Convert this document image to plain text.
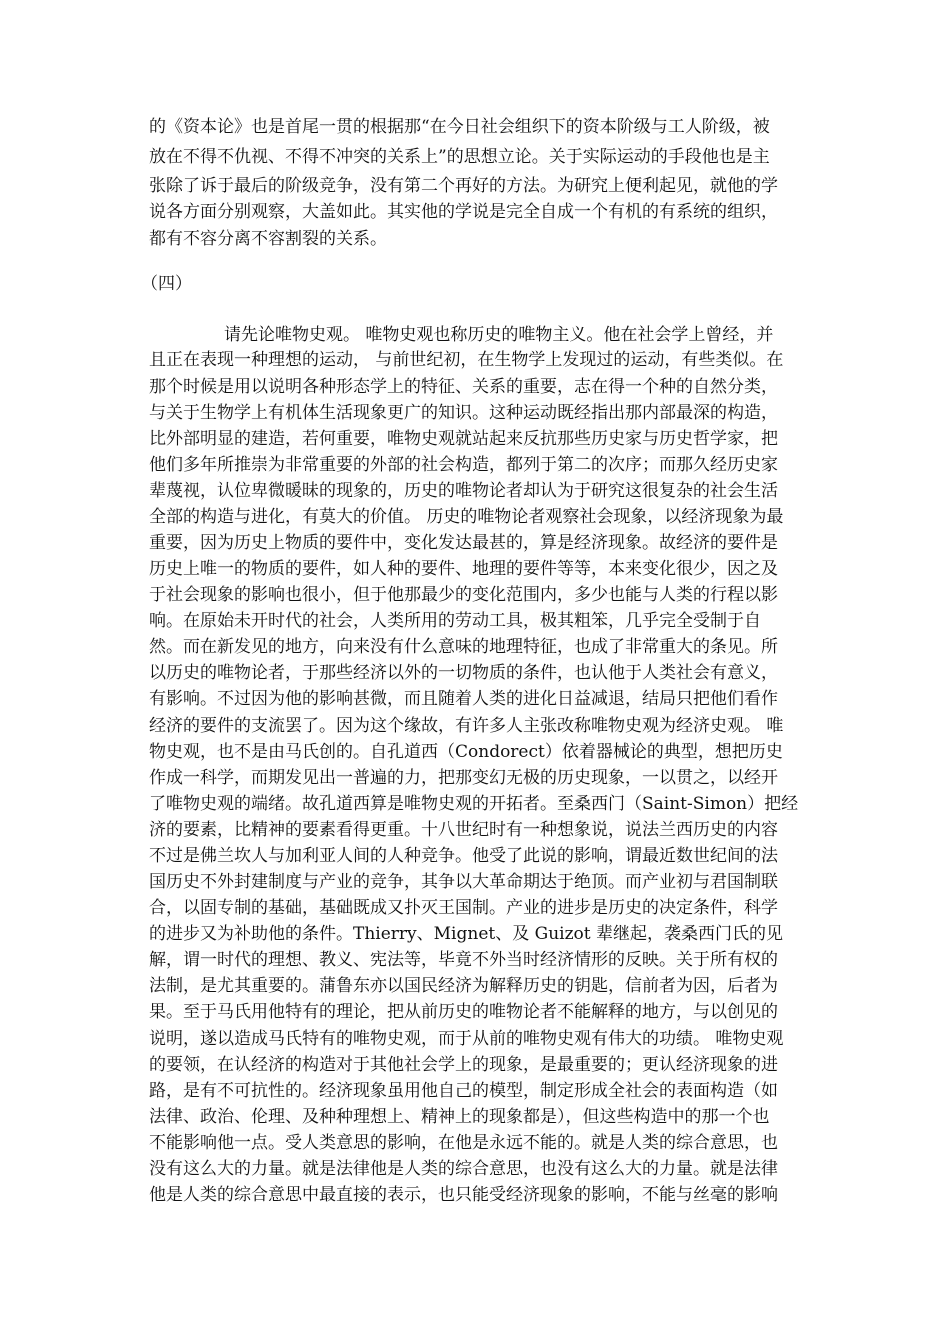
的《资本论》也是首尾一贯的根据那“在今日社会组织下的资本阶级与工人阶级，被
放在不得不仇视、不得不冲突的关系上”的思想立论。关于实际运动的手段他也是主
张除了诉于最后的阶级竞争，没有第二个再好的方法。为研究上便利起见，就他的学
说各方面分别观察，大盖如此。其实他的学说是完全自成一个有机的有系统的组织，
都有不容分离不容割裂的关系。
（四）
请先论唯物史观。 唯物史观也称历史的唯物主义。他在社会学上曾经，并
且正在表现一种理想的运动， 与前世纪初，在生物学上发现过的运动，有些类似。在
那个时候是用以说明各种形态学上的特征、关系的重要，志在得一个种的自然分类，
与关于生物学上有机体生活现象更广的知识。这种运动既经指出那内部最深的构造，
比外部明显的建造，若何重要，唯物史观就站起来反抗那些历史家与历史哲学家，把
他们多年所推崇为非常重要的外部的社会构造，都列于第二的次序；而那久经历史家
辈蔑视，认位卑微暖昧的现象的，历史的唯物论者却认为于研究这很复杂的社会生活
全部的构造与进化，有莫大的价值。 历史的唯物论者观察社会现象，以经济现象为最
重要，因为历史上物质的要件中，变化发达最甚的，算是经济现象。故经济的要件是
历史上唯一的物质的要件，如人种的要件、地理的要件等等，本来变化很少，因之及
于社会现象的影响也很小，但于他那最少的变化范围内，多少也能与人类的行程以影
响。在原始未开时代的社会，人类所用的劳动工具，极其粗笨，几乎完全受制于自
然。而在新发见的地方，向来没有什么意味的地理特征，也成了非常重大的条见。所
以历史的唯物论者，于那些经济以外的一切物质的条件，也认他于人类社会有意义，
有影响。不过因为他的影响甚微，而且随着人类的进化日益减退，结局只把他们看作
经济的要件的支流罢了。因为这个缘故，有许多人主张改称唯物史观为经济史观。 唯
物史观，也不是由马氏创的。自孔道西（Condorect）依着器械论的典型，想把历史
作成一科学，而期发见出一普遍的力，把那变幻无极的历史现象，一以贯之，以经开
了唯物史观的端绪。故孔道西算是唯物史观的开拓者。至桑西门（Saint-Simon）把经
济的要素，比精神的要素看得更重。十八世纪时有一种想象说，说法兰西历史的内容
不过是佛兰坎人与加利亚人间的人种竞争。他受了此说的影响，谓最近数世纪间的法
国历史不外封建制度与产业的竞争，其争以大革命期达于绝顶。而产业初与君国制联
合，以固专制的基础，基础既成又扑灭王国制。产业的进步是历史的决定条件，科学
的进步又为补助他的条件。Thierry、Mignet、及 Guizot 辈继起，袭桑西门氏的见
解，谓一时代的理想、教义、宪法等，毕竟不外当时经济情形的反映。关于所有权的
法制，是尤其重要的。蒲鲁东亦以国民经济为解释历史的钥匙，信前者为因，后者为
果。至于马氏用他特有的理论，把从前历史的唯物论者不能解释的地方，与以创见的
说明，遂以造成马氏特有的唯物史观，而于从前的唯物史观有伟大的功绩。 唯物史观
的要领，在认经济的构造对于其他社会学上的现象，是最重要的；更认经济现象的进
路，是有不可抗性的。经济现象虽用他自己的模型，制定形成全社会的表面构造（如
法律、政治、伦理、及种种理想上、精神上的现象都是），但这些构造中的那一个也
不能影响他一点。受人类意思的影响，在他是永远不能的。就是人类的综合意思，也
没有这么大的力量。就是法律他是人类的综合意思，也没有这么大的力量。就是法律
他是人类的综合意思中最直接的表示，也只能受经济现象的影响，不能与丝毫的影响
